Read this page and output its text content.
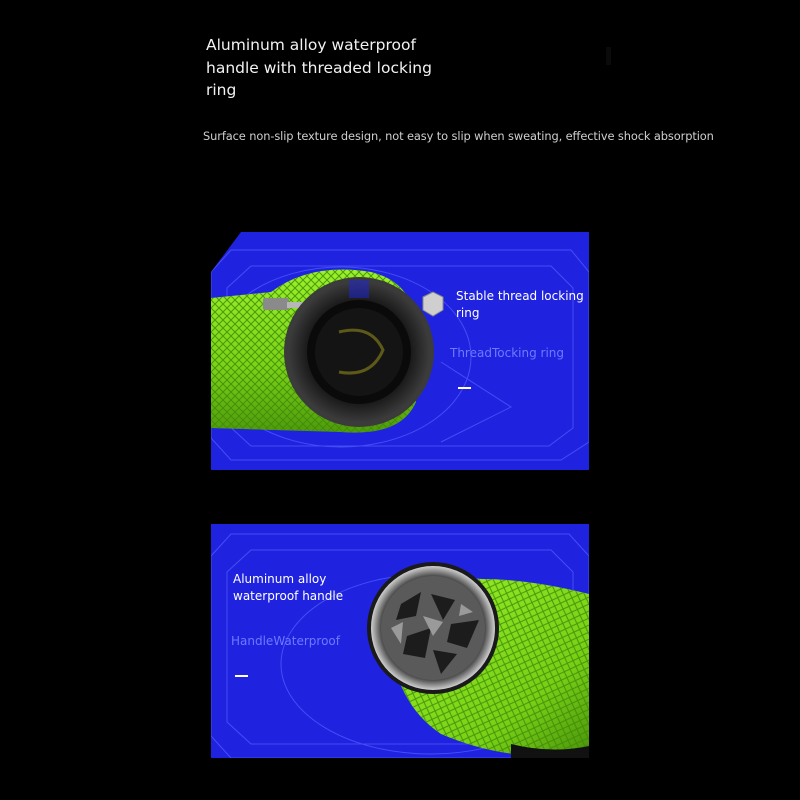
Aluminum alloy waterproof handle with threaded locking ring
Surface non-slip texture design, not easy to slip when sweating, effective shock absorption
Stable thread locking ring
ThreadTocking ring
Aluminum alloy waterproof handle
HandleWaterproof
